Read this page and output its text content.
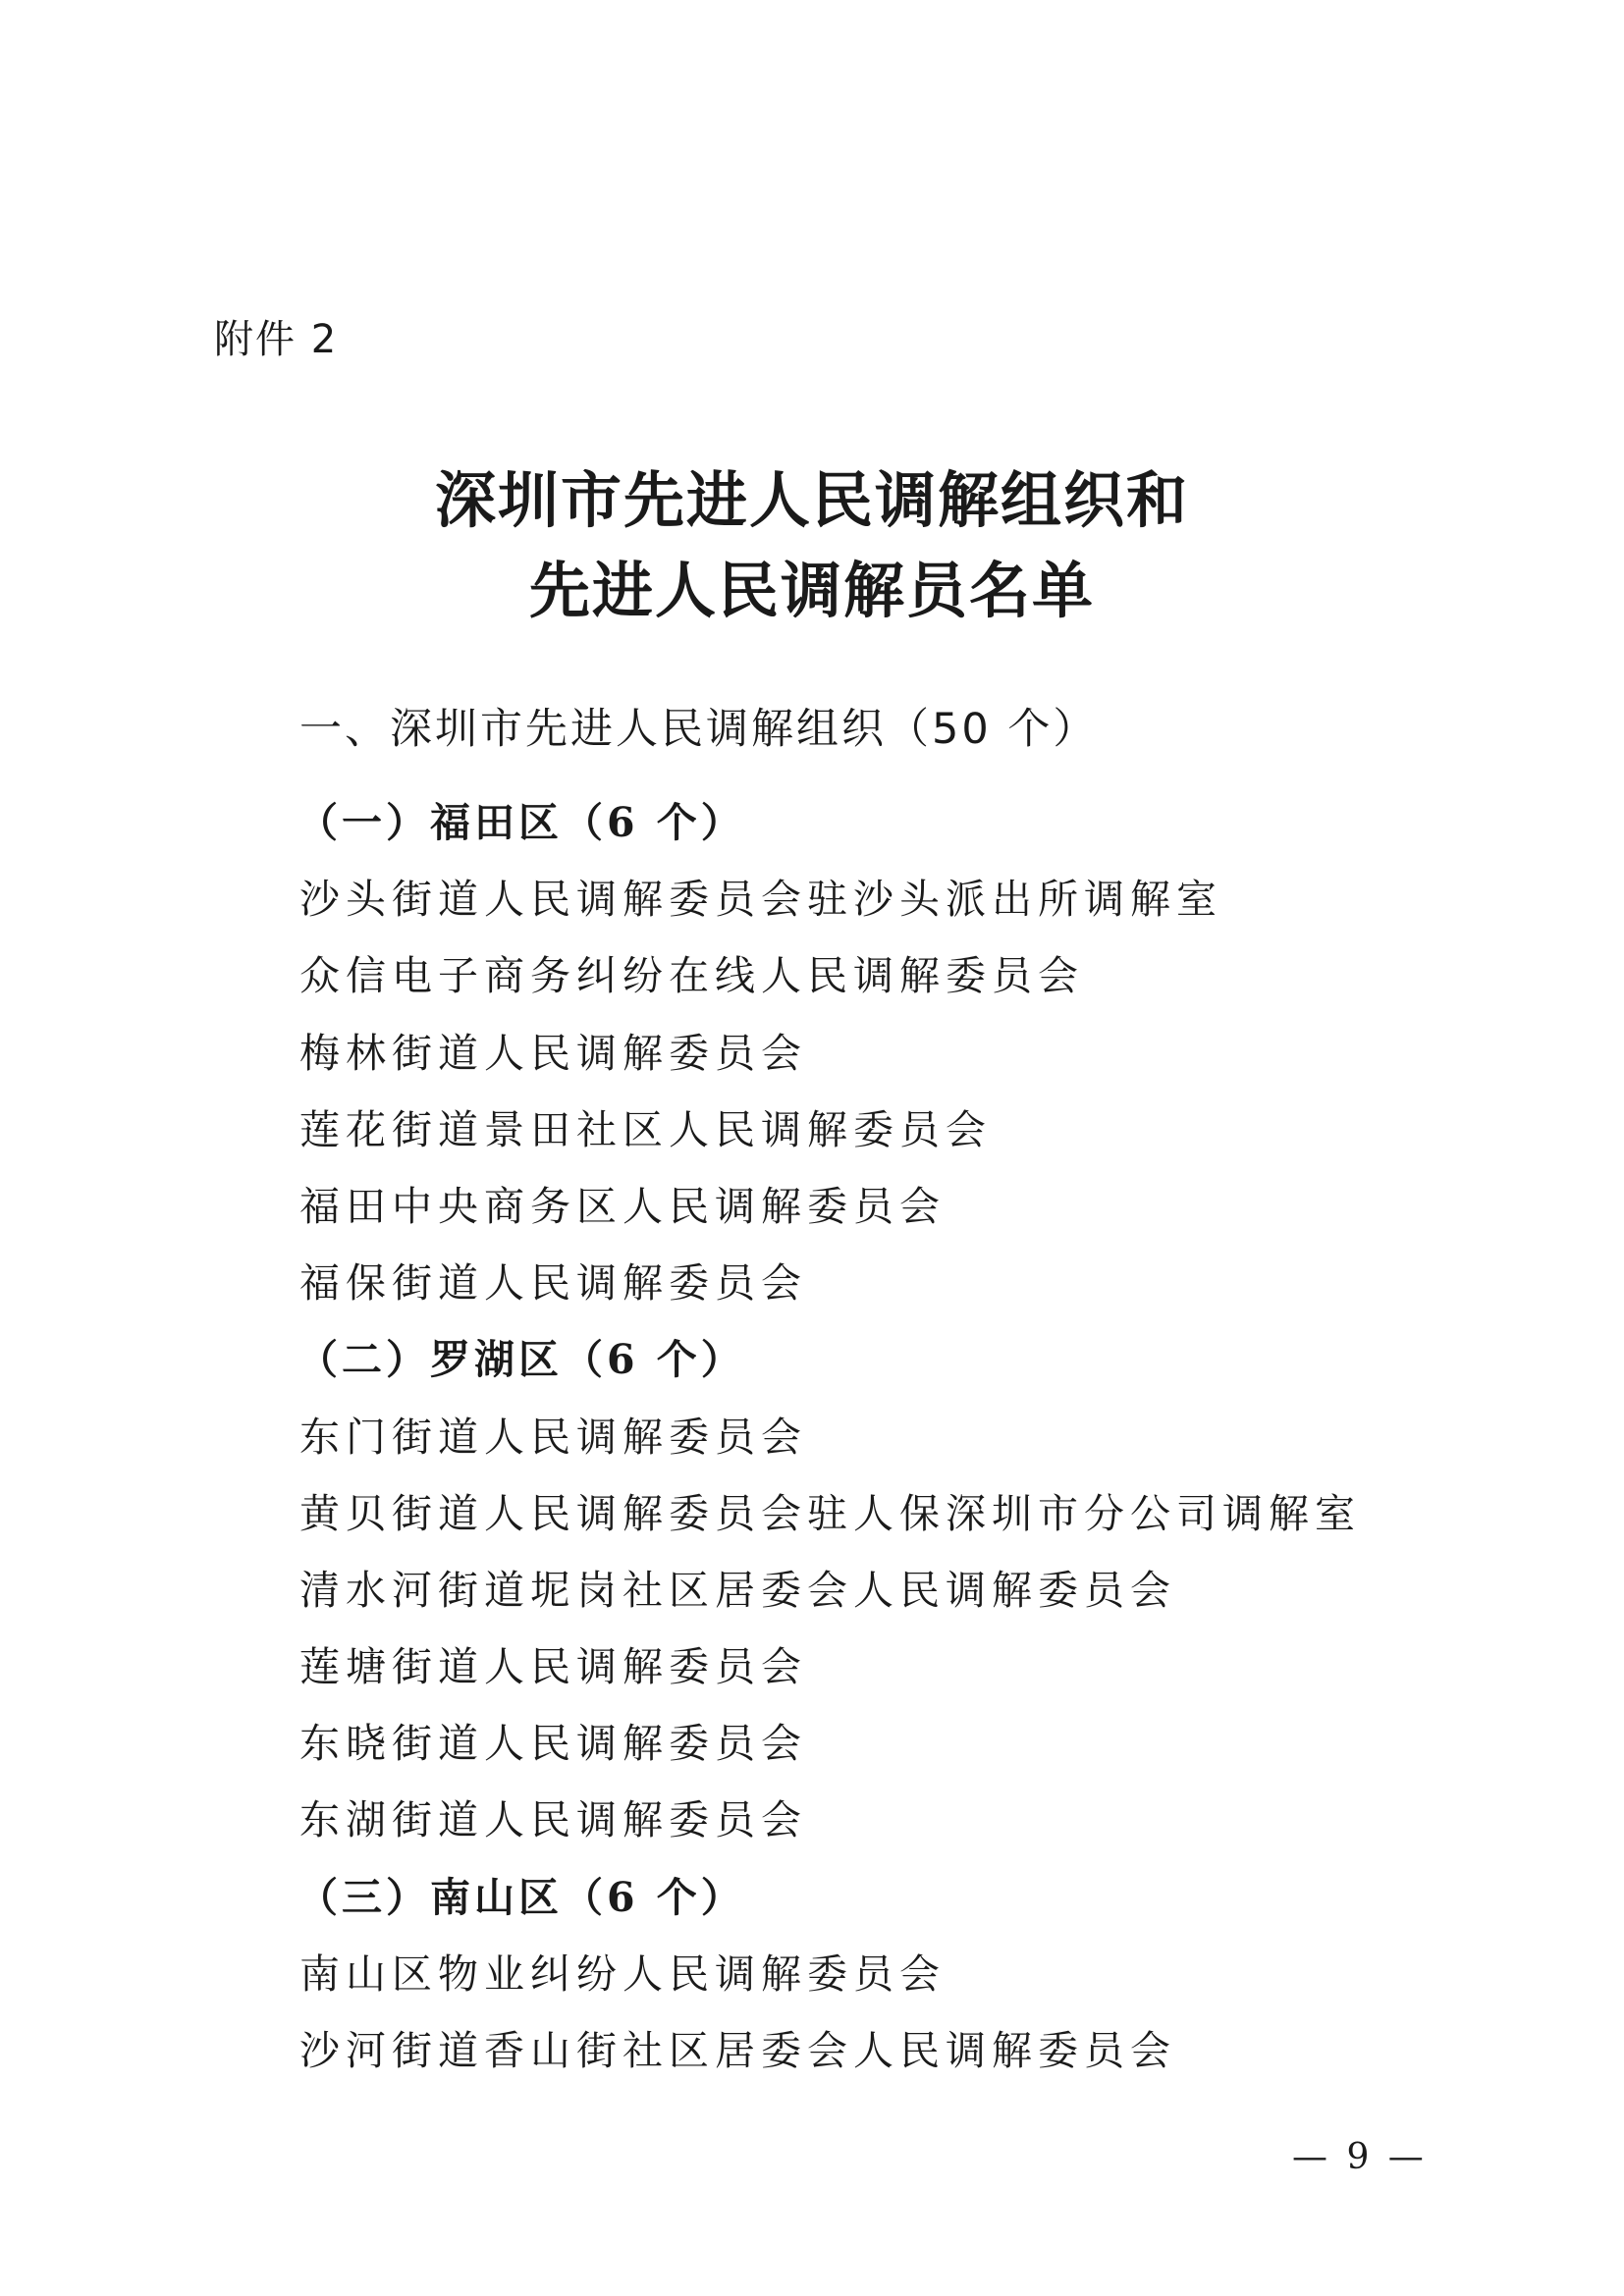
附件 2
深圳市先进人民调解组织和
先进人民调解员名单
一、深圳市先进人民调解组织（50 个）
（一）福田区（6 个）
沙头街道人民调解委员会驻沙头派出所调解室
众信电子商务纠纷在线人民调解委员会
梅林街道人民调解委员会
莲花街道景田社区人民调解委员会
福田中央商务区人民调解委员会
福保街道人民调解委员会
（二）罗湖区（6 个）
东门街道人民调解委员会
黄贝街道人民调解委员会驻人保深圳市分公司调解室
清水河街道坭岗社区居委会人民调解委员会
莲塘街道人民调解委员会
东晓街道人民调解委员会
东湖街道人民调解委员会
（三）南山区（6 个）
南山区物业纠纷人民调解委员会
沙河街道香山街社区居委会人民调解委员会
— 9 —
